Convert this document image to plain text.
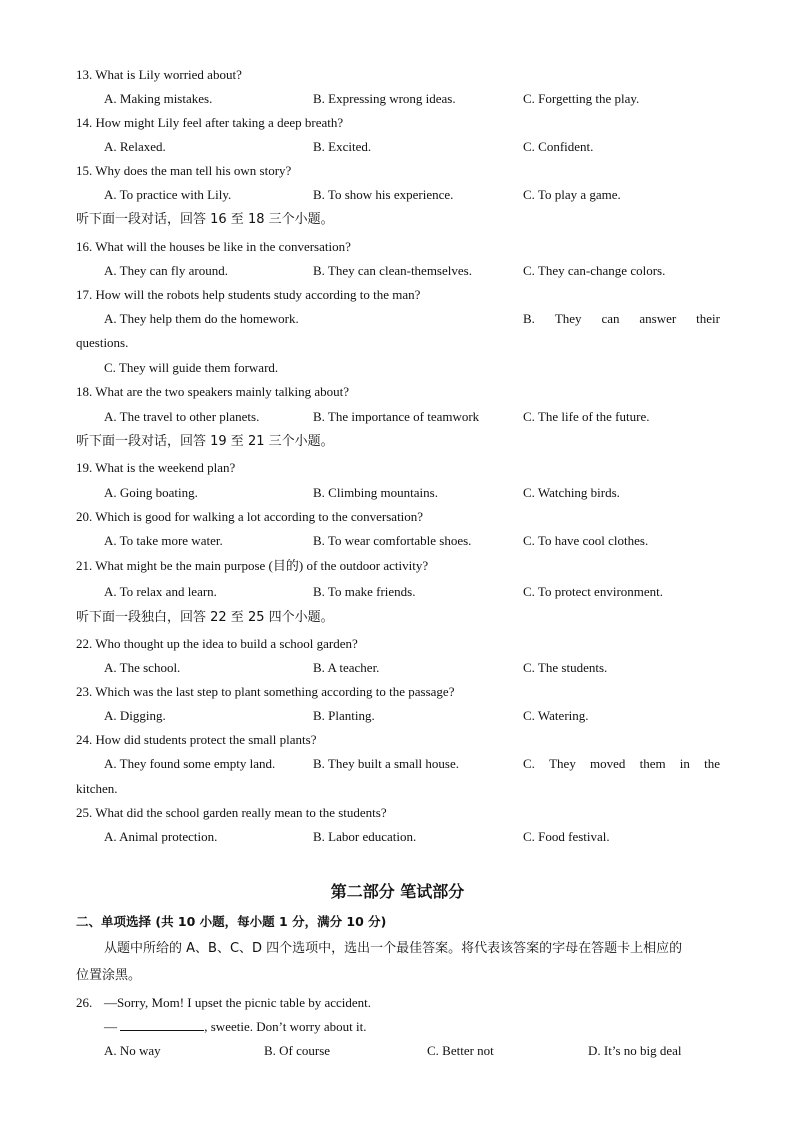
13. What is Lily worried about?
A. Making mistakes.	B. Expressing wrong ideas.	C. Forgetting the play.
14. How might Lily feel after taking a deep breath?
A. Relaxed.	B. Excited.	C. Confident.
15. Why does the man tell his own story?
A. To practice with Lily.	B. To show his experience.	C. To play a game.
听下面一段对话，回答 16 至 18 三个小题。
16. What will the houses be like in the conversation?
A. They can fly around.	B. They can clean-themselves.	C. They can-change colors.
17. How will the robots help students study according to the man?
A. They help them do the homework.	B. They can answer their
questions.
C. They will guide them forward.
18. What are the two speakers mainly talking about?
A. The travel to other planets.	B. The importance of teamwork	C. The life of the future.
听下面一段对话，回答 19 至 21 三个小题。
19. What is the weekend plan?
A. Going boating.	B. Climbing mountains.	C. Watching birds.
20. Which is good for walking a lot according to the conversation?
A. To take more water.	B. To wear comfortable shoes.	C. To have cool clothes.
21. What might be the main purpose (目的) of the outdoor activity?
A. To relax and learn.	B. To make friends.	C. To protect environment.
听下面一段独白，回答 22 至 25 四个小题。
22. Who thought up the idea to build a school garden?
A. The school.	B. A teacher.	C. The students.
23. Which was the last step to plant something according to the passage?
A. Digging.	B. Planting.	C. Watering.
24. How did students protect the small plants?
A. They found some empty land.	B. They built a small house.	C. They moved them in the
kitchen.
25. What did the school garden really mean to the students?
A. Animal protection.	B. Labor education.	C. Food festival.
第二部分 笔试部分
二、单项选择 (共 10 小题，每小题 1 分，满分 10 分)
从题中所给的 A、B、C、D 四个选项中，选出一个最佳答案。将代表该答案的字母在答题卡上相应的
位置涂黑。
26. —Sorry, Mom! I upset the picnic table by accident.
—	, sweetie. Don’t worry about it.
A. No way	B. Of course	C. Better not	D. It’s no big deal
